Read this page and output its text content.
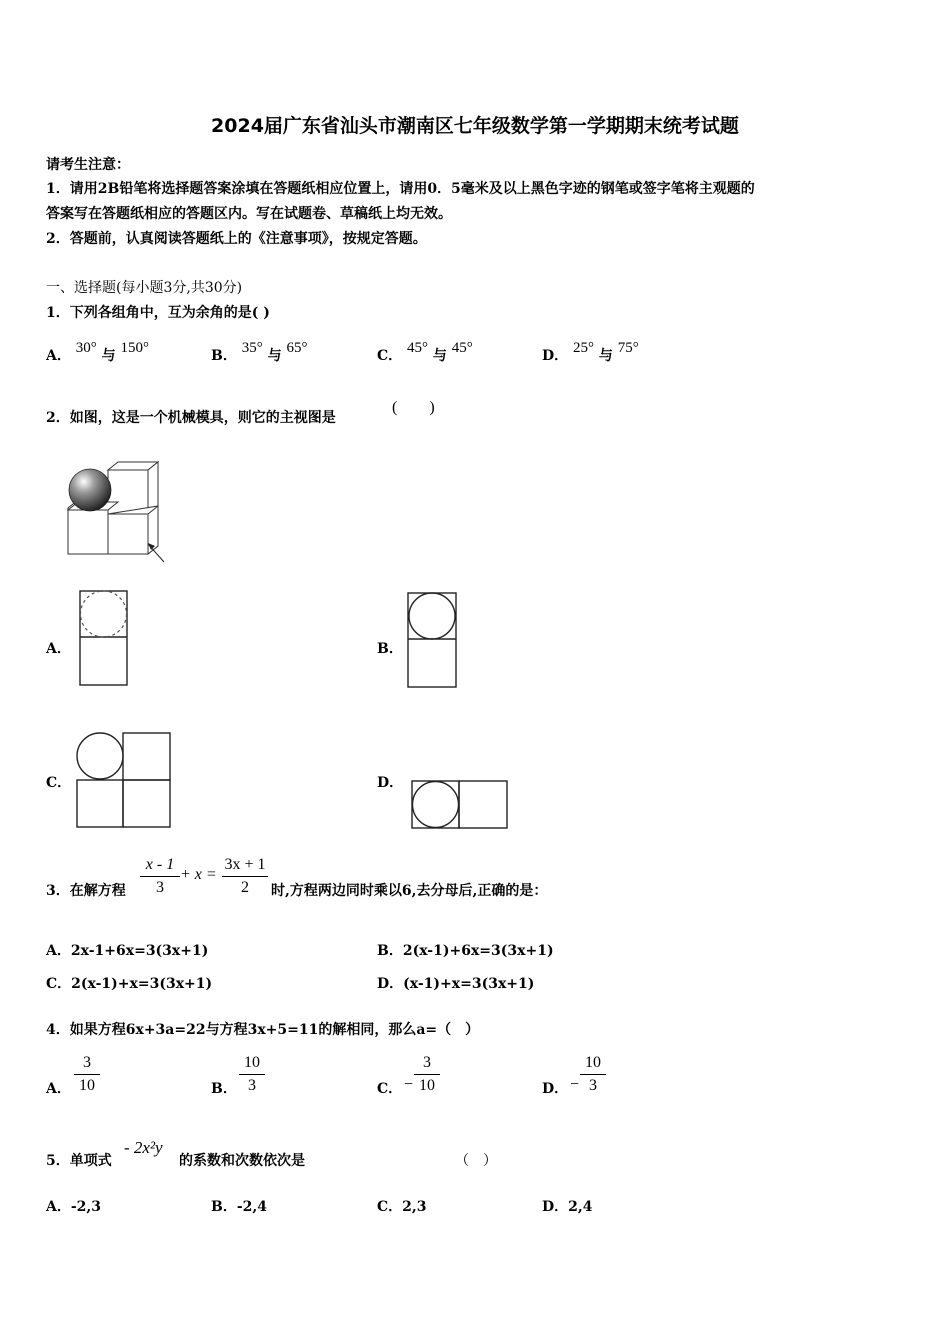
2024届广东省汕头市潮南区七年级数学第一学期期末统考试题
请考生注意：
1．请用2B铅笔将选择题答案涂填在答题纸相应位置上，请用0．5毫米及以上黑色字迹的钢笔或签字笔将主观题的
答案写在答题纸相应的答题区内。写在试题卷、草稿纸上均无效。
2．答题前，认真阅读答题纸上的《注意事项》，按规定答题。
一、选择题(每小题3分,共30分)
1．下列各组角中，互为余角的是( )
A． 30° 与 150°	B． 35° 与 65°	C． 45° 与 45°	D． 25° 与 75°
2．如图，这是一个机械模具，则它的主视图是
(　　)
A．	B．
C．	D．
3．在解方程
x - 1
3
+ x =
3x + 1
2 时,方程两边同时乘以6,去分母后,正确的是：
A．2x-1+6x=3(3x+1)	B．2(x-1)+6x=3(3x+1)
C．2(x-1)+x=3(3x+1)	D．(x-1)+x=3(3x+1)
4．如果方程6x+3a=22与方程3x+5=11的解相同，那么a=（　）
A．
3
10	B．
10
3	C． −
3
10	D． −
10
3
5．单项式
- 2x²y
的系数和次数依次是	（　）
A．-2,3	B．-2,4	C．2,3	D．2,4
